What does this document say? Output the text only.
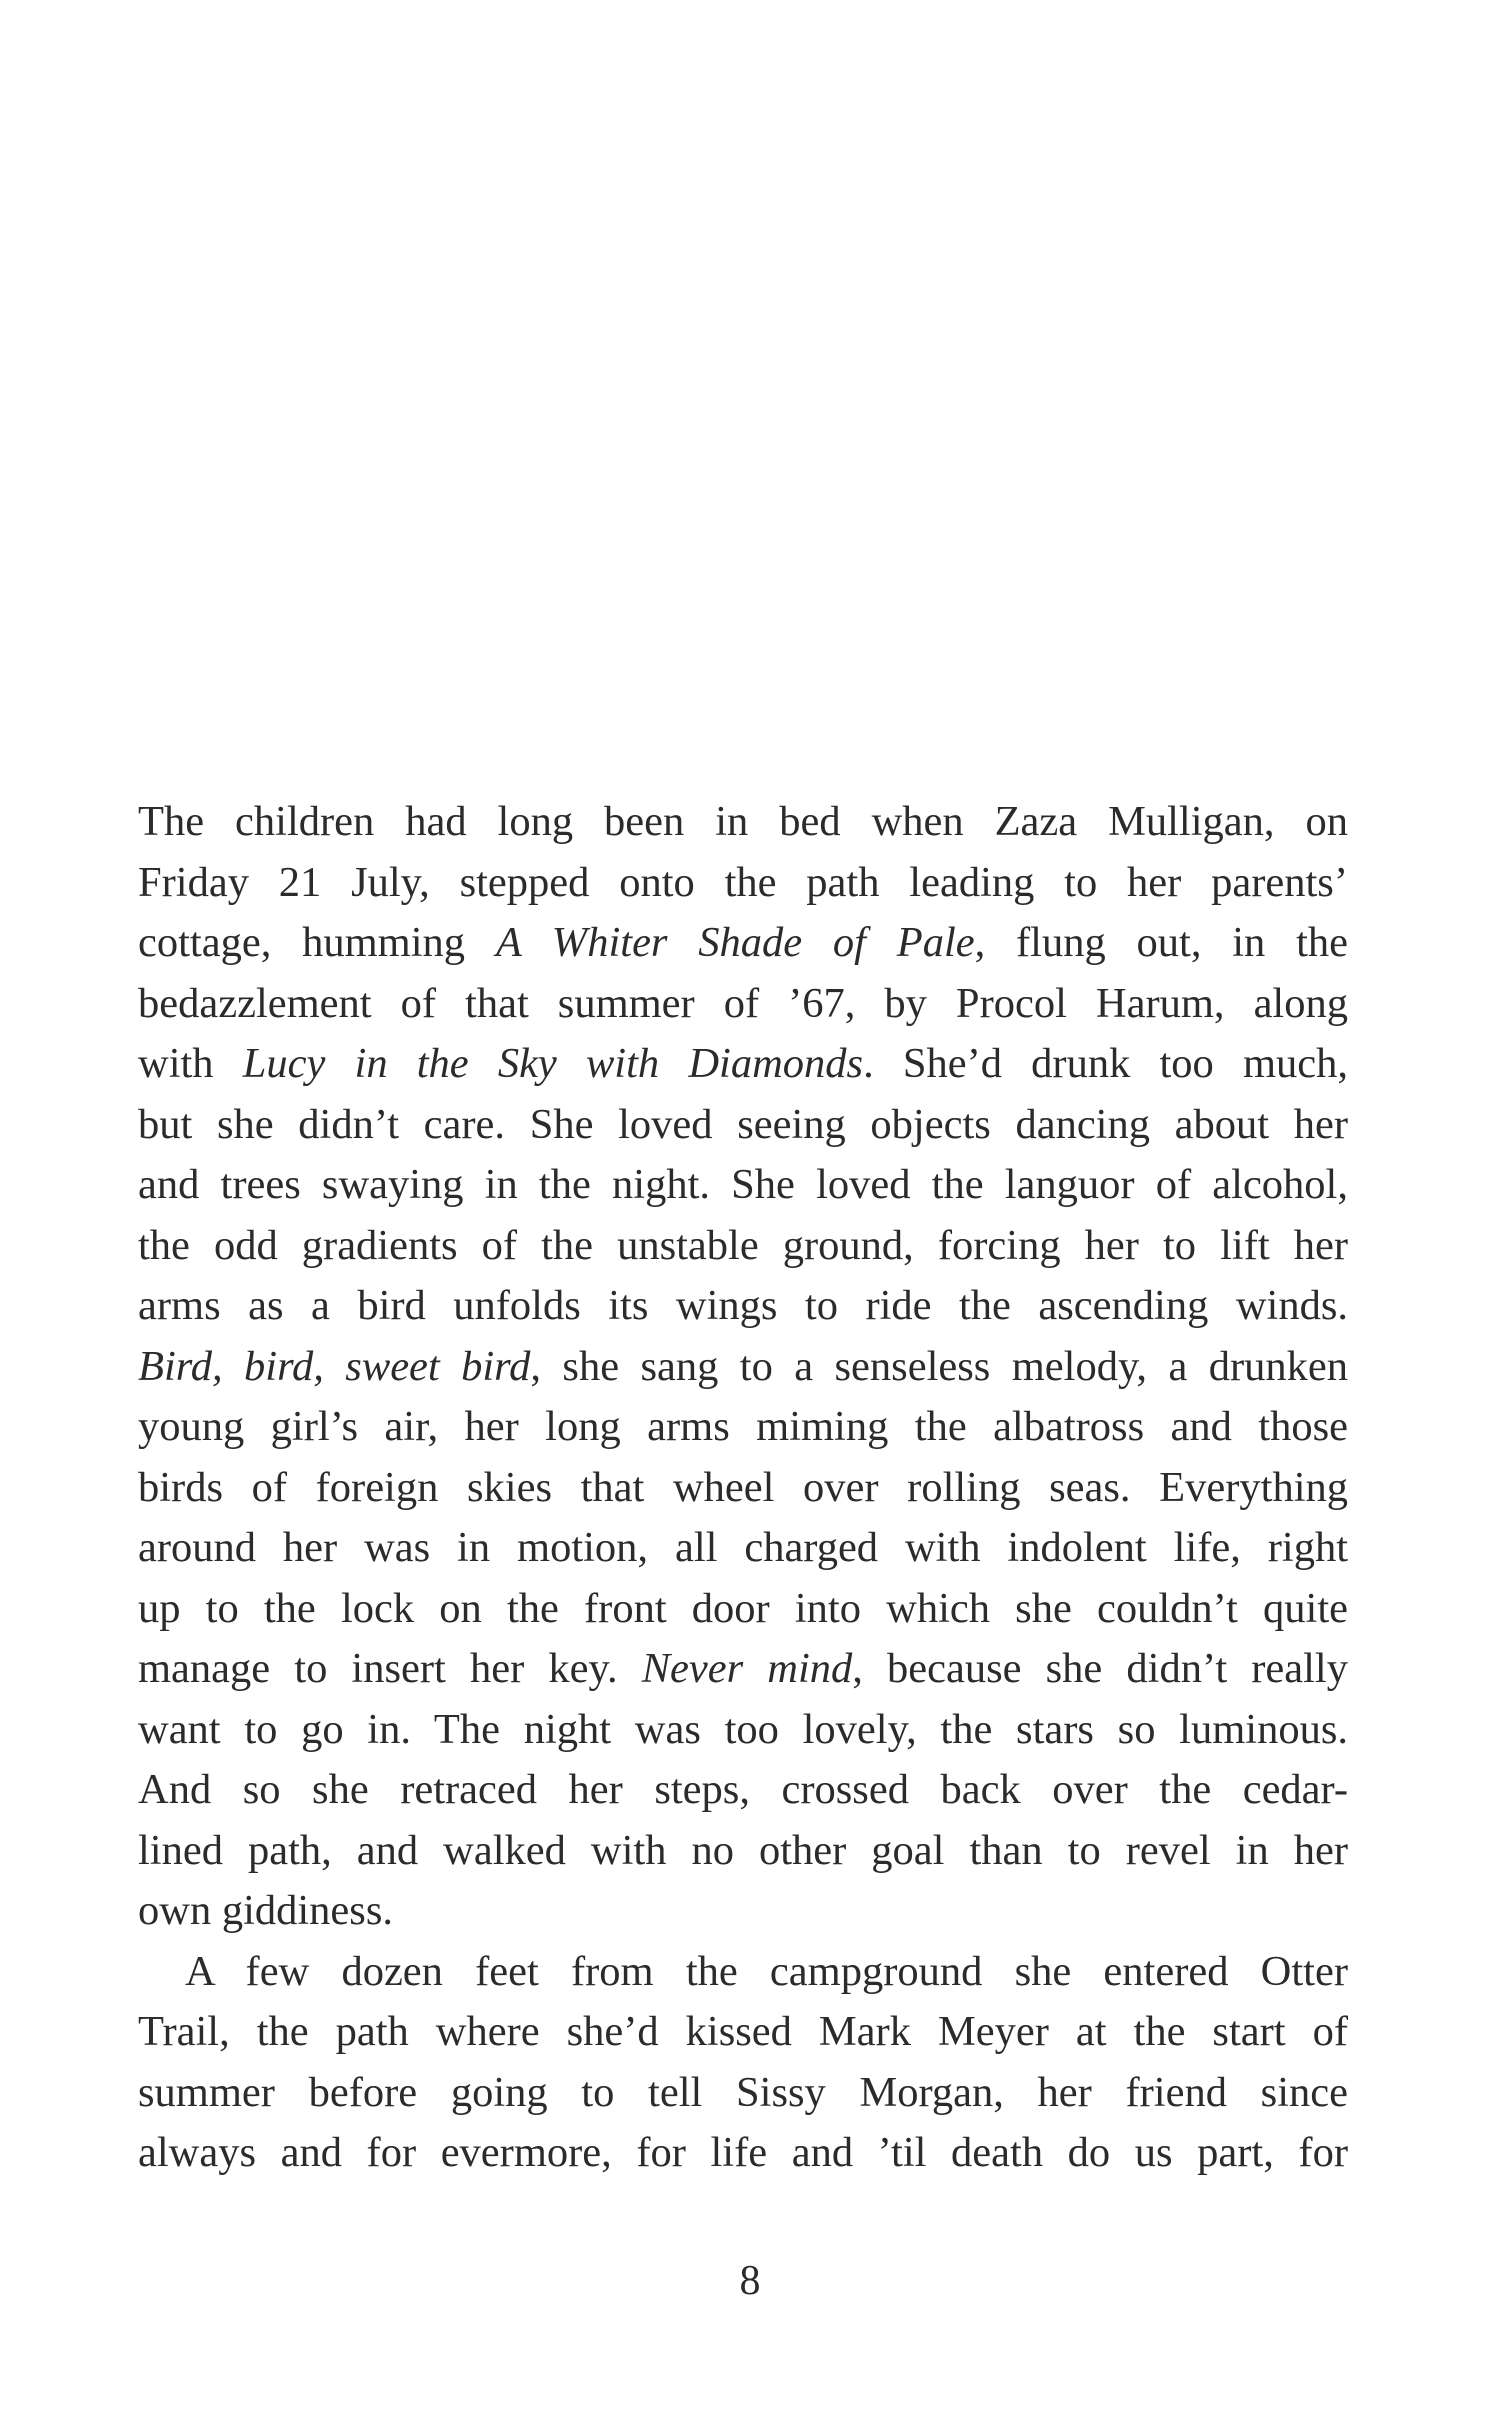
The children had long been in bed when Zaza Mulligan, on
Friday 21 July, stepped onto the path leading to her parents’
cottage, humming A Whiter Shade of Pale, flung out, in the
bedazzlement of that summer of ’67, by Procol Harum, along
with Lucy in the Sky with Diamonds. She’d drunk too much,
but she didn’t care. She loved seeing objects dancing about her
and trees swaying in the night. She loved the languor of alcohol,
the odd gradients of the unstable ground, forcing her to lift her
arms as a bird unfolds its wings to ride the ascending winds.
Bird, bird, sweet bird, she sang to a senseless melody, a drunken
young girl’s air, her long arms miming the albatross and those
birds of foreign skies that wheel over rolling seas. Everything
around her was in motion, all charged with indolent life, right
up to the lock on the front door into which she couldn’t quite
manage to insert her key. Never mind, because she didn’t really
want to go in. The night was too lovely, the stars so luminous.
And so she retraced her steps, crossed back over the cedar-
lined path, and walked with no other goal than to revel in her
own giddiness.
A few dozen feet from the campground she entered Otter
Trail, the path where she’d kissed Mark Meyer at the start of
summer before going to tell Sissy Morgan, her friend since
always and for evermore, for life and ’til death do us part, for
8
